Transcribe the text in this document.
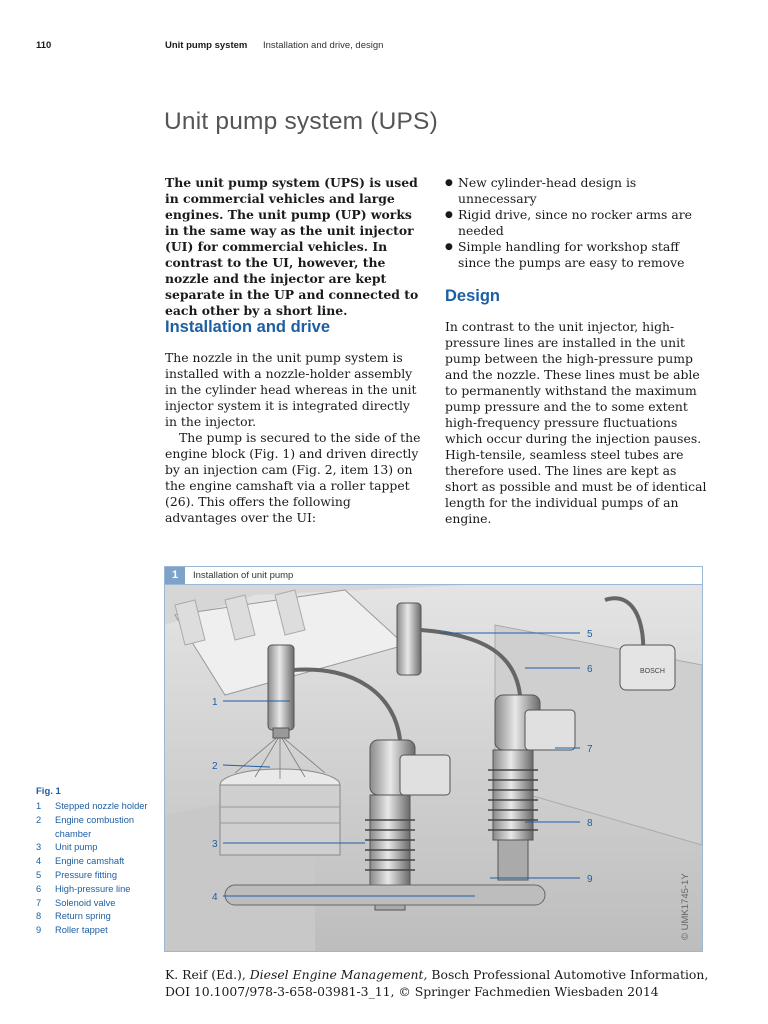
110	Unit pump system Installation and drive, design
Unit pump system (UPS)

The unit pump system (UPS) is used in commercial vehicles and large engines. The unit pump (UP) works in the same way as the unit injector (UI) for commercial vehicles. In contrast to the UI, however, the nozzle and the injector are kept separate in the UP and connected to each other by a short line.

Installation and drive

The nozzle in the unit pump system is installed with a nozzle-holder assembly in the cylinder head whereas in the unit injector system it is integrated directly in the injector.

The pump is secured to the side of the engine block (Fig. 1) and driven directly by an injection cam (Fig. 2, item 13) on the engine camshaft via a roller tappet (26). This offers the following advantages over the UI:

● New cylinder-head design is unnecessary
● Rigid drive, since no rocker arms are needed
● Simple handling for workshop staff since the pumps are easy to remove
Design

In contrast to the unit injector, high-pressure lines are installed in the unit pump between the high-pressure pump and the nozzle. These lines must be able to permanently withstand the maximum pump pressure and the to some extent high-frequency pressure fluctuations which occur during the injection pauses. High-tensile, seamless steel tubes are therefore used. The lines are kept as short as possible and must be of identical length for the individual pumps of an engine.

1	Installation of unit pump
BOSCH
1
2
3
4
5
6
7
8
9	© UMK1745-1Y
Fig. 1
1	Stepped nozzle holder
2	Engine combustion chamber
3	Unit pump
4	Engine camshaft
5	Pressure fitting
6	High-pressure line
7	Solenoid valve
8	Return spring
9	Roller tappet

K. Reif (Ed.), Diesel Engine Management, Bosch Professional Automotive Information,

DOI 10.1007/978-3-658-03981-3_11, © Springer Fachmedien Wiesbaden 2014
